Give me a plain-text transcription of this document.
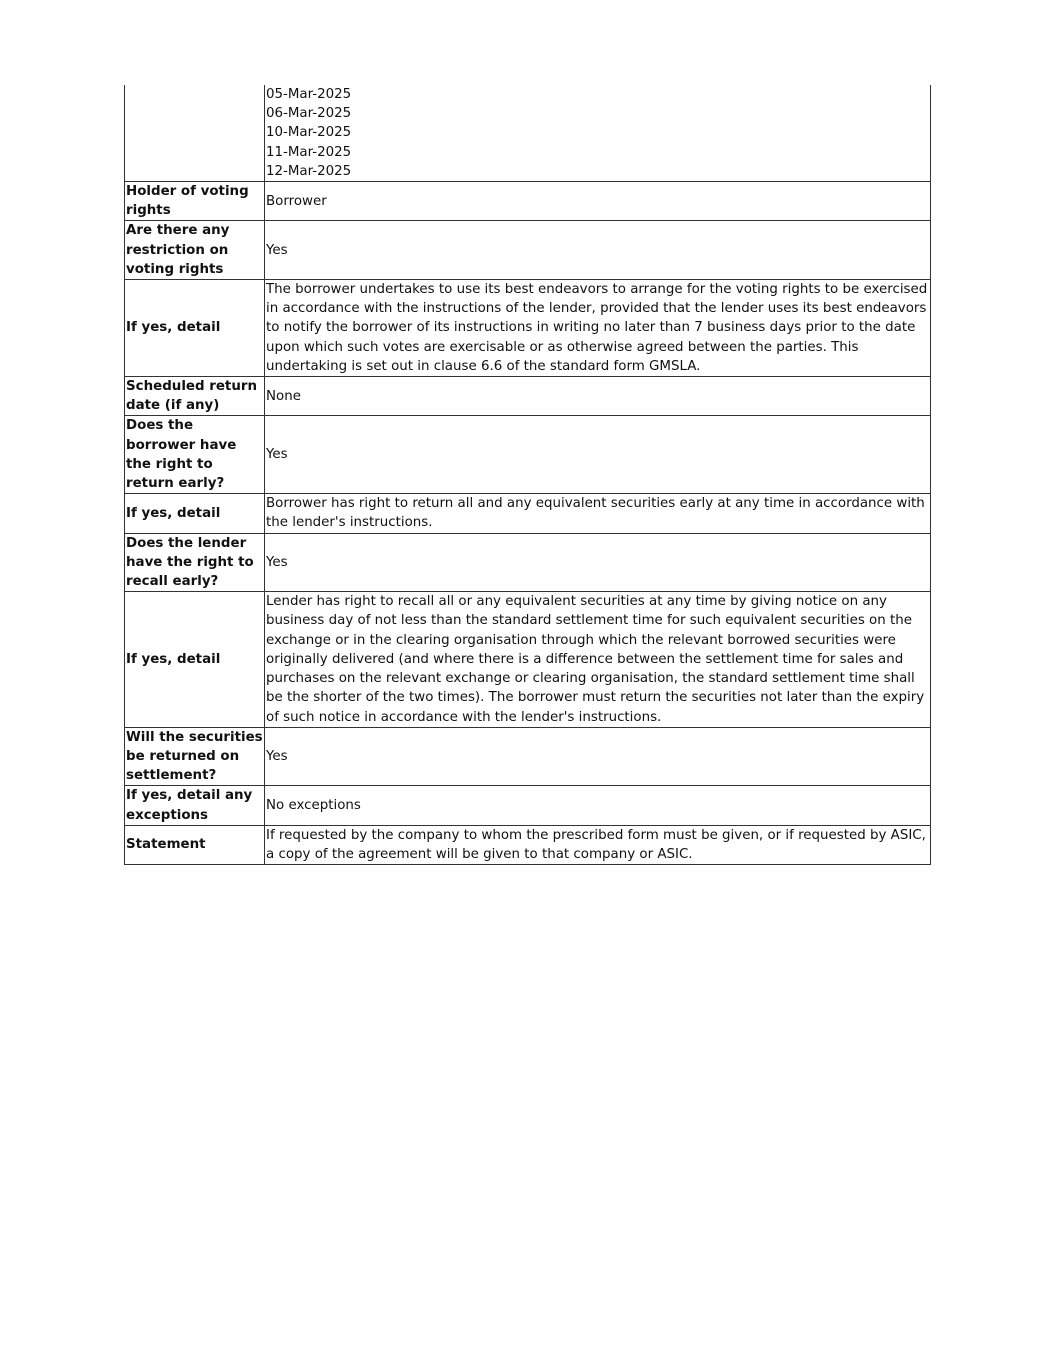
	05-Mar-2025
06-Mar-2025
10-Mar-2025
11-Mar-2025
12-Mar-2025

Holder of voting rights	Borrower
Are there any restriction on voting rights	Yes
If yes, detail	The borrower undertakes to use its best endeavors to arrange for the voting rights to be exercised in accordance with the instructions of the lender, provided that the lender uses its best endeavors to notify the borrower of its instructions in writing no later than 7 business days prior to the date upon which such votes are exercisable or as otherwise agreed between the parties. This undertaking is set out in clause 6.6 of the standard form GMSLA.
Scheduled return date (if any)	None
Does the borrower have the right to return early?	Yes
If yes, detail	Borrower has right to return all and any equivalent securities early at any time in accordance with the lender's instructions.
Does the lender have the right to recall early?	Yes
If yes, detail	Lender has right to recall all or any equivalent securities at any time by giving notice on any business day of not less than the standard settlement time for such equivalent securities on the exchange or in the clearing organisation through which the relevant borrowed securities were originally delivered (and where there is a difference between the settlement time for sales and purchases on the relevant exchange or clearing organisation, the standard settlement time shall be the shorter of the two times). The borrower must return the securities not later than the expiry of such notice in accordance with the lender's instructions.
Will the securities be returned on settlement?	Yes
If yes, detail any exceptions	No exceptions
Statement	If requested by the company to whom the prescribed form must be given, or if requested by ASIC, a copy of the agreement will be given to that company or ASIC.
